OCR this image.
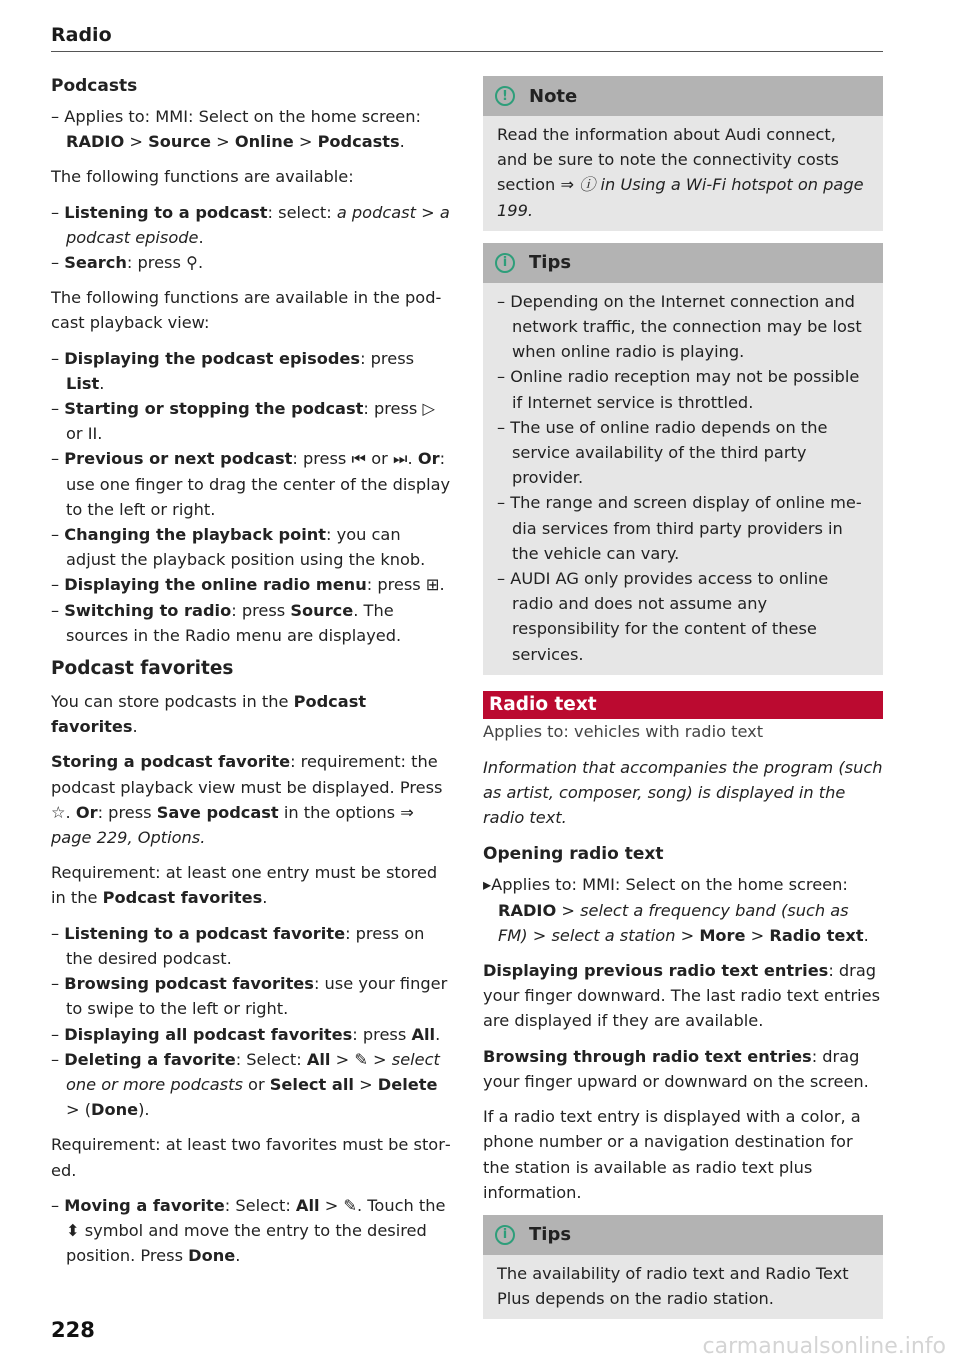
Radio
Podcasts
– Applies to: MMI: Select on the home screen: RADIO > Source > Online > Podcasts.

The following functions are available:

– Listening to a podcast: select: a podcast > a podcast episode.
– Search: press ⚲.

The following functions are available in the podcast playback view:

– Displaying the podcast episodes: press List.
– Starting or stopping the podcast: press ▷ or II.
– Previous or next podcast: press ⏮ or ⏭. Or: use one finger to drag the center of the display to the left or right.
– Changing the playback point: you can adjust the playback position using the knob.
– Displaying the online radio menu: press ⊞.
– Switching to radio: press Source. The sources in the Radio menu are displayed.
Podcast favorites

You can store podcasts in the Podcast favorites.

Storing a podcast favorite: requirement: the podcast playback view must be displayed. Press ☆. Or: press Save podcast in the options ⇒ page 229, Options.

Requirement: at least one entry must be stored in the Podcast favorites.

– Listening to a podcast favorite: press on the desired podcast.
– Browsing podcast favorites: use your finger to swipe to the left or right.
– Displaying all podcast favorites: press All.
– Deleting a favorite: Select: All > ✎ > select one or more podcasts or Select all > Delete > (Done).

Requirement: at least two favorites must be stored.

– Moving a favorite: Select: All > ✎. Touch the ⬍ symbol and move the entry to the desired position. Press Done.
!	Note

Read the information about Audi connect, and be sure to note the connectivity costs section ⇒ ⓘ in Using a Wi-Fi hotspot on page 199.

i	Tips
– Depending on the Internet connection and network traffic, the connection may be lost when online radio is playing.
– Online radio reception may not be possible if Internet service is throttled.
– The use of online radio depends on the service availability of the third party provider.
– The range and screen display of online media services from third party providers in the vehicle can vary.
– AUDI AG only provides access to online radio and does not assume any responsibility for the content of these services.
Radio text

Applies to: vehicles with radio text

Information that accompanies the program (such as artist, composer, song) is displayed in the radio text.

Opening radio text
▸ Applies to: MMI: Select on the home screen: RADIO > select a frequency band (such as FM) > select a station > More > Radio text.

Displaying previous radio text entries: drag your finger downward. The last radio text entries are displayed if they are available.

Browsing through radio text entries: drag your finger upward or downward on the screen.

If a radio text entry is displayed with a color, a phone number or a navigation destination for the station is available as radio text plus information.

i	Tips

The availability of radio text and Radio Text Plus depends on the radio station.

228
carmanualsonline.info
